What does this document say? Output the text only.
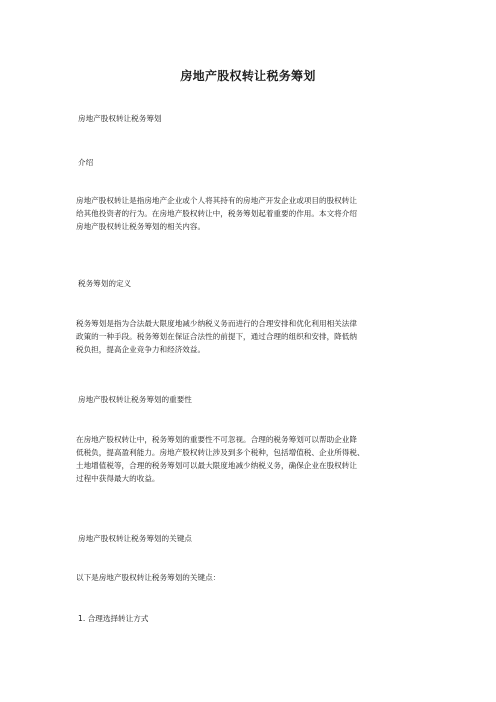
房地产股权转让税务筹划
房地产股权转让税务筹划
介绍
房地产股权转让是指房地产企业或个人将其持有的房地产开发企业或项目的股权转让
给其他投资者的行为。在房地产股权转让中，税务筹划起着重要的作用。本文将介绍
房地产股权转让税务筹划的相关内容。
税务筹划的定义
税务筹划是指为合法最大限度地减少纳税义务而进行的合理安排和优化利用相关法律
政策的一种手段。税务筹划在保证合法性的前提下，通过合理的组织和安排，降低纳
税负担，提高企业竞争力和经济效益。
房地产股权转让税务筹划的重要性
在房地产股权转让中，税务筹划的重要性不可忽视。合理的税务筹划可以帮助企业降
低税负，提高盈利能力。房地产股权转让涉及到多个税种，包括增值税、企业所得税、
土地增值税等，合理的税务筹划可以最大限度地减少纳税义务，确保企业在股权转让
过程中获得最大的收益。
房地产股权转让税务筹划的关键点
以下是房地产股权转让税务筹划的关键点：
1. 合理选择转让方式
